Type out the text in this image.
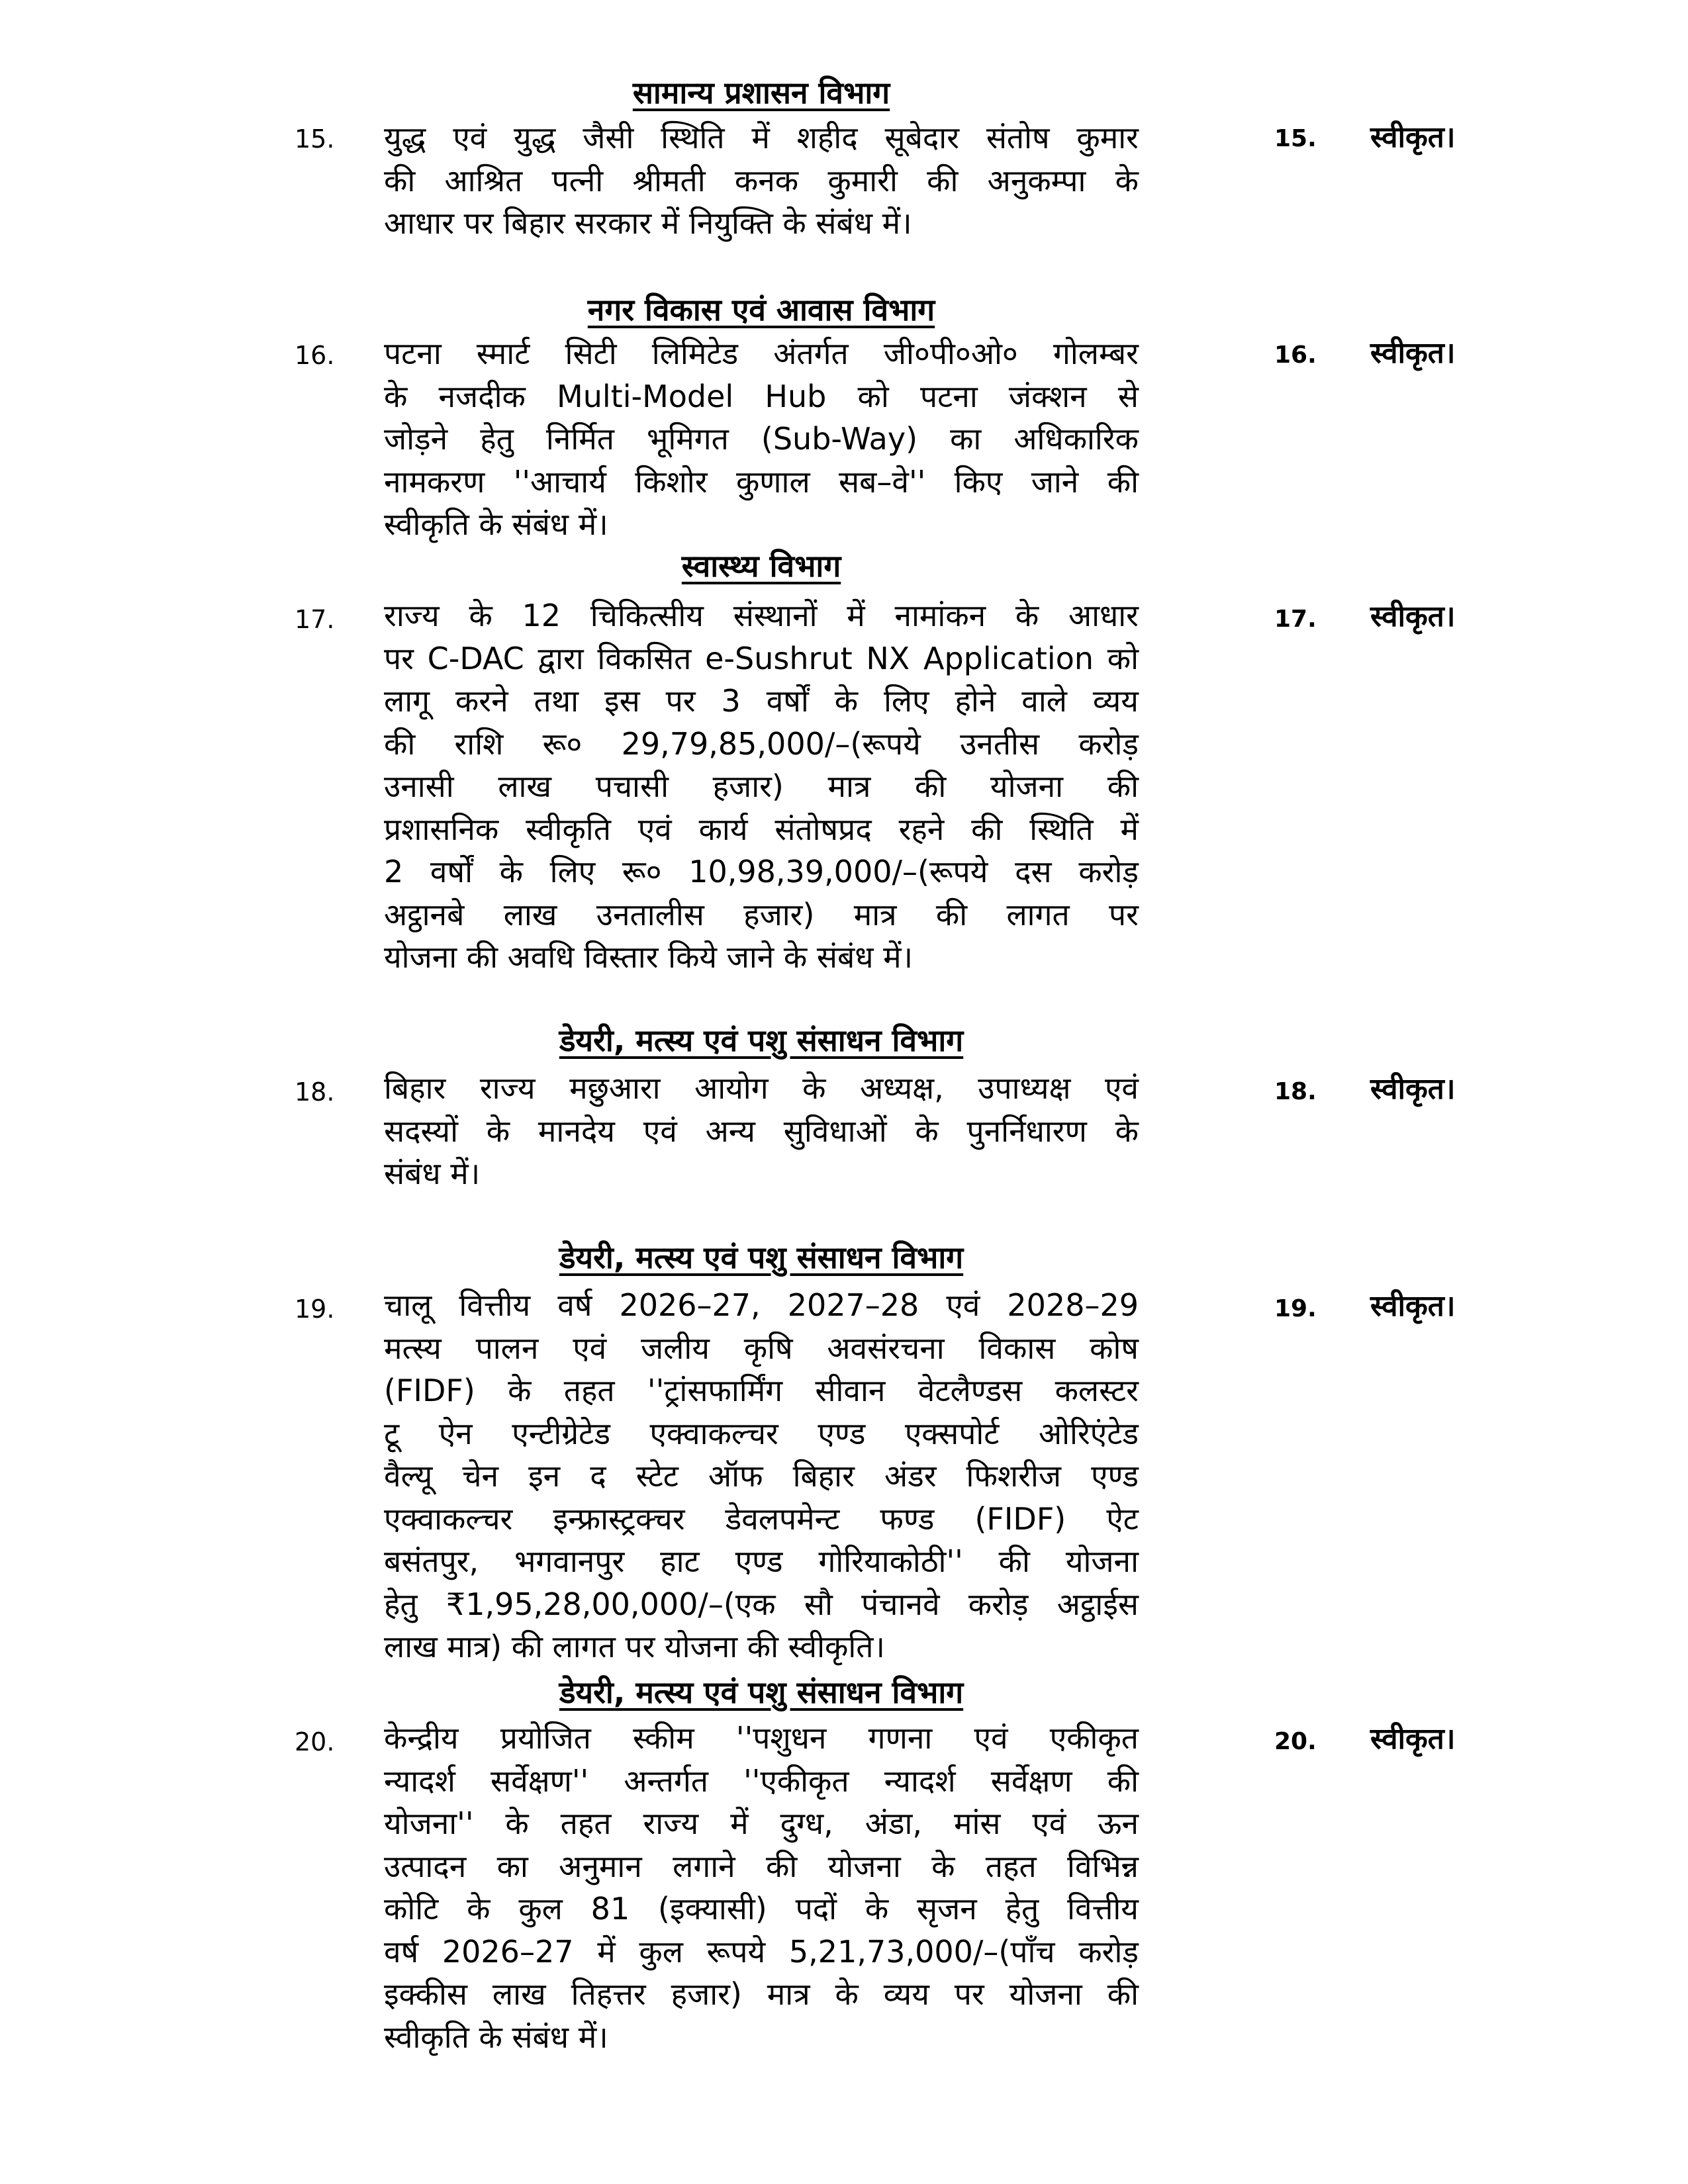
सामान्य प्रशासन विभाग
15. युद्ध एवं युद्ध जैसी स्थिति में शहीद सूबेदार संतोष कुमार
की आश्रित पत्नी श्रीमती कनक कुमारी की अनुकम्पा के
आधार पर बिहार सरकार में नियुक्ति के संबंध में।
15. स्वीकृत।
नगर विकास एवं आवास विभाग
16. पटना स्मार्ट सिटी लिमिटेड अंतर्गत जी०पी०ओ० गोलम्बर
के नजदीक Multi-Model Hub को पटना जंक्शन से
जोड़ने हेतु निर्मित भूमिगत (Sub-Way) का अधिकारिक
नामकरण ''आचार्य किशोर कुणाल सब–वे'' किए जाने की
स्वीकृति के संबंध में।
16. स्वीकृत।
स्वास्थ्य विभाग
17. राज्य के 12 चिकित्सीय संस्थानों में नामांकन के आधार
पर C-DAC द्वारा विकसित e-Sushrut NX Application को
लागू करने तथा इस पर 3 वर्षों के लिए होने वाले व्यय
की राशि रू० 29,79,85,000/–(रूपये उनतीस करोड़
उनासी लाख पचासी हजार) मात्र की योजना की
प्रशासनिक स्वीकृति एवं कार्य संतोषप्रद रहने की स्थिति में
2 वर्षों के लिए रू० 10,98,39,000/–(रूपये दस करोड़
अट्ठानबे लाख उनतालीस हजार) मात्र की लागत पर
योजना की अवधि विस्तार किये जाने के संबंध में।
17. स्वीकृत।
डेयरी, मत्स्य एवं पशु संसाधन विभाग
18. बिहार राज्य मछुआरा आयोग के अध्यक्ष, उपाध्यक्ष एवं
सदस्यों के मानदेय एवं अन्य सुविधाओं के पुनर्निधारण के
संबंध में।
18. स्वीकृत।
डेयरी, मत्स्य एवं पशु संसाधन विभाग
19. चालू वित्तीय वर्ष 2026–27, 2027–28 एवं 2028–29
मत्स्य पालन एवं जलीय कृषि अवसंरचना विकास कोष
(FIDF) के तहत ''ट्रांसफार्मिंग सीवान वेटलैण्डस कलस्टर
टू ऐन एन्टीग्रेटेड एक्वाकल्चर एण्ड एक्सपोर्ट ओरिएंटेड
वैल्यू चेन इन द स्टेट ऑफ बिहार अंडर फिशरीज एण्ड
एक्वाकल्चर इन्फ्रास्ट्रक्चर डेवलपमेन्ट फण्ड (FIDF) ऐट
बसंतपुर, भगवानपुर हाट एण्ड गोरियाकोठी'' की योजना
हेतु ₹1,95,28,00,000/–(एक सौ पंचानवे करोड़ अट्ठाईस
लाख मात्र) की लागत पर योजना की स्वीकृति।
19. स्वीकृत।
डेयरी, मत्स्य एवं पशु संसाधन विभाग
20. केन्द्रीय प्रयोजित स्कीम ''पशुधन गणना एवं एकीकृत
न्यादर्श सर्वेक्षण'' अन्तर्गत ''एकीकृत न्यादर्श सर्वेक्षण की
योजना'' के तहत राज्य में दुग्ध, अंडा, मांस एवं ऊन
उत्पादन का अनुमान लगाने की योजना के तहत विभिन्न
कोटि के कुल 81 (इक्यासी) पदों के सृजन हेतु वित्तीय
वर्ष 2026–27 में कुल रूपये 5,21,73,000/–(पाँच करोड़
इक्कीस लाख तिहत्तर हजार) मात्र के व्यय पर योजना की
स्वीकृति के संबंध में।
20. स्वीकृत।
